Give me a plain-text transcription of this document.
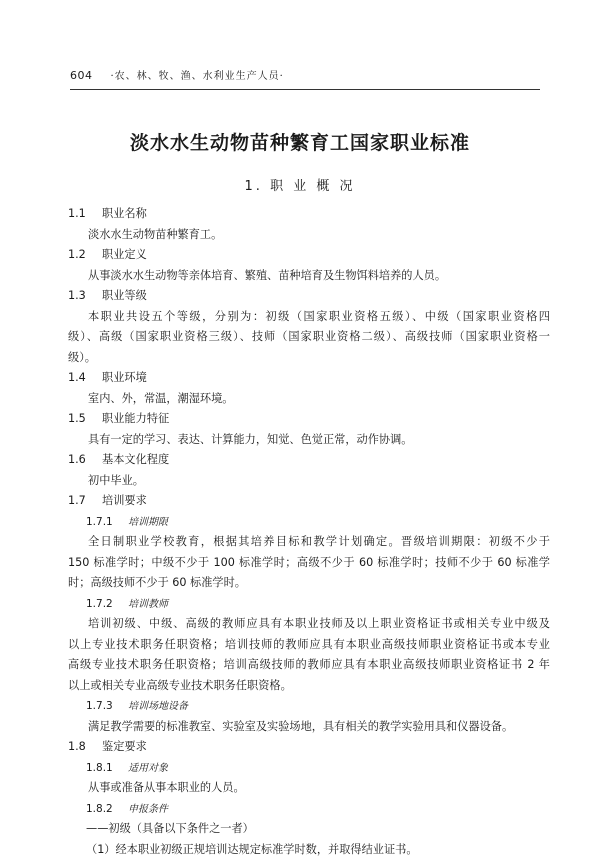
604 ·农、林、牧、渔、水利业生产人员·
淡水水生动物苗种繁育工国家职业标准
1. 职 业 概 况
1.1 职业名称
淡水水生动物苗种繁育工。
1.2 职业定义
从事淡水水生动物等亲体培育、繁殖、苗种培育及生物饵料培养的人员。
1.3 职业等级
本职业共设五个等级，分别为：初级（国家职业资格五级）、中级（国家职业资格四
级）、高级（国家职业资格三级）、技师（国家职业资格二级）、高级技师（国家职业资格一
级）。
1.4 职业环境
室内、外，常温，潮湿环境。
1.5 职业能力特征
具有一定的学习、表达、计算能力，知觉、色觉正常，动作协调。
1.6 基本文化程度
初中毕业。
1.7 培训要求
1.7.1 培训期限
全日制职业学校教育，根据其培养目标和教学计划确定。晋级培训期限：初级不少于
150 标准学时；中级不少于 100 标准学时；高级不少于 60 标准学时；技师不少于 60 标准学
时；高级技师不少于 60 标准学时。
1.7.2 培训教师
培训初级、中级、高级的教师应具有本职业技师及以上职业资格证书或相关专业中级及
以上专业技术职务任职资格；培训技师的教师应具有本职业高级技师职业资格证书或本专业
高级专业技术职务任职资格；培训高级技师的教师应具有本职业高级技师职业资格证书 2 年
以上或相关专业高级专业技术职务任职资格。
1.7.3 培训场地设备
满足教学需要的标准教室、实验室及实验场地，具有相关的教学实验用具和仪器设备。
1.8 鉴定要求
1.8.1 适用对象
从事或准备从事本职业的人员。
1.8.2 申报条件
——初级（具备以下条件之一者）
（1）经本职业初级正规培训达规定标准学时数，并取得结业证书。
